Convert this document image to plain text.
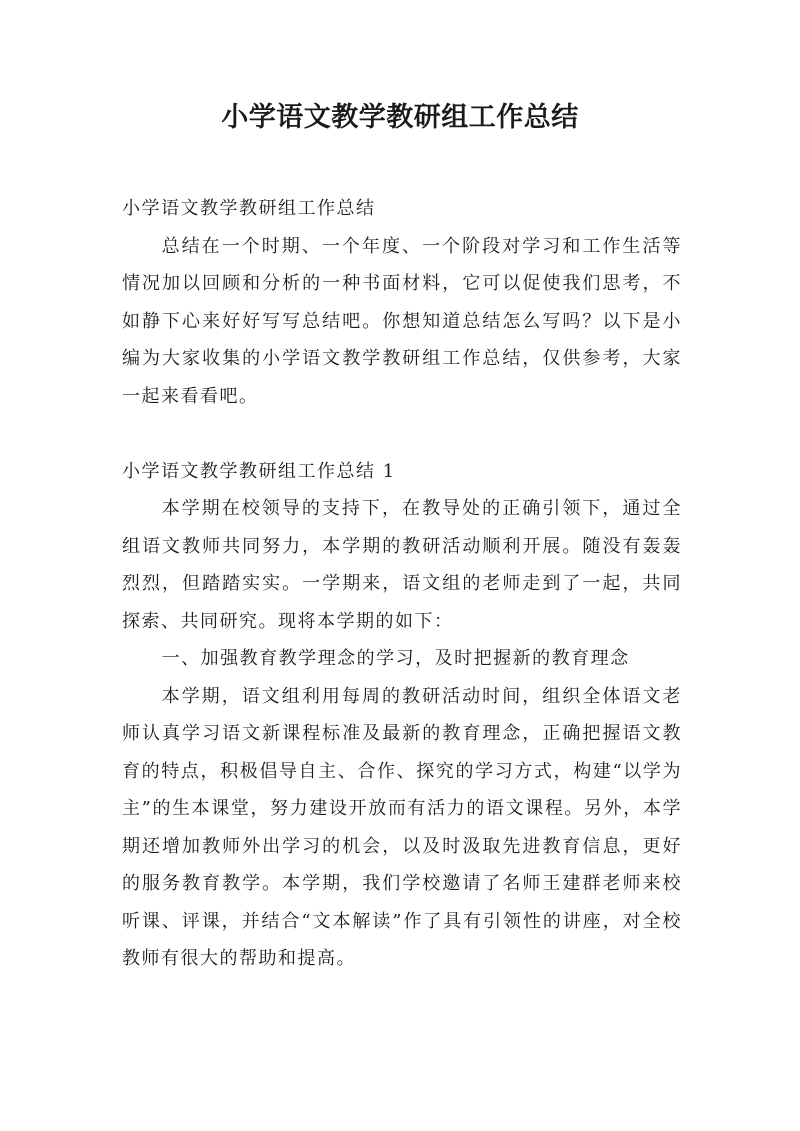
小学语文教学教研组工作总结

小学语文教学教研组工作总结

总结在一个时期、一个年度、一个阶段对学习和工作生活等情况加以回顾和分析的一种书面材料，它可以促使我们思考，不如静下心来好好写写总结吧。你想知道总结怎么写吗？以下是小编为大家收集的小学语文教学教研组工作总结，仅供参考，大家一起来看看吧。

小学语文教学教研组工作总结 1

本学期在校领导的支持下，在教导处的正确引领下，通过全组语文教师共同努力，本学期的教研活动顺利开展。随没有轰轰烈烈，但踏踏实实。一学期来，语文组的老师走到了一起，共同探索、共同研究。现将本学期的如下：

一、加强教育教学理念的学习，及时把握新的教育理念

本学期，语文组利用每周的教研活动时间，组织全体语文老师认真学习语文新课程标准及最新的教育理念，正确把握语文教育的特点，积极倡导自主、合作、探究的学习方式，构建“以学为主”的生本课堂，努力建设开放而有活力的语文课程。另外，本学期还增加教师外出学习的机会，以及时汲取先进教育信息，更好的服务教育教学。本学期，我们学校邀请了名师王建群老师来校听课、评课，并结合“文本解读”作了具有引领性的讲座，对全校教师有很大的帮助和提高。
